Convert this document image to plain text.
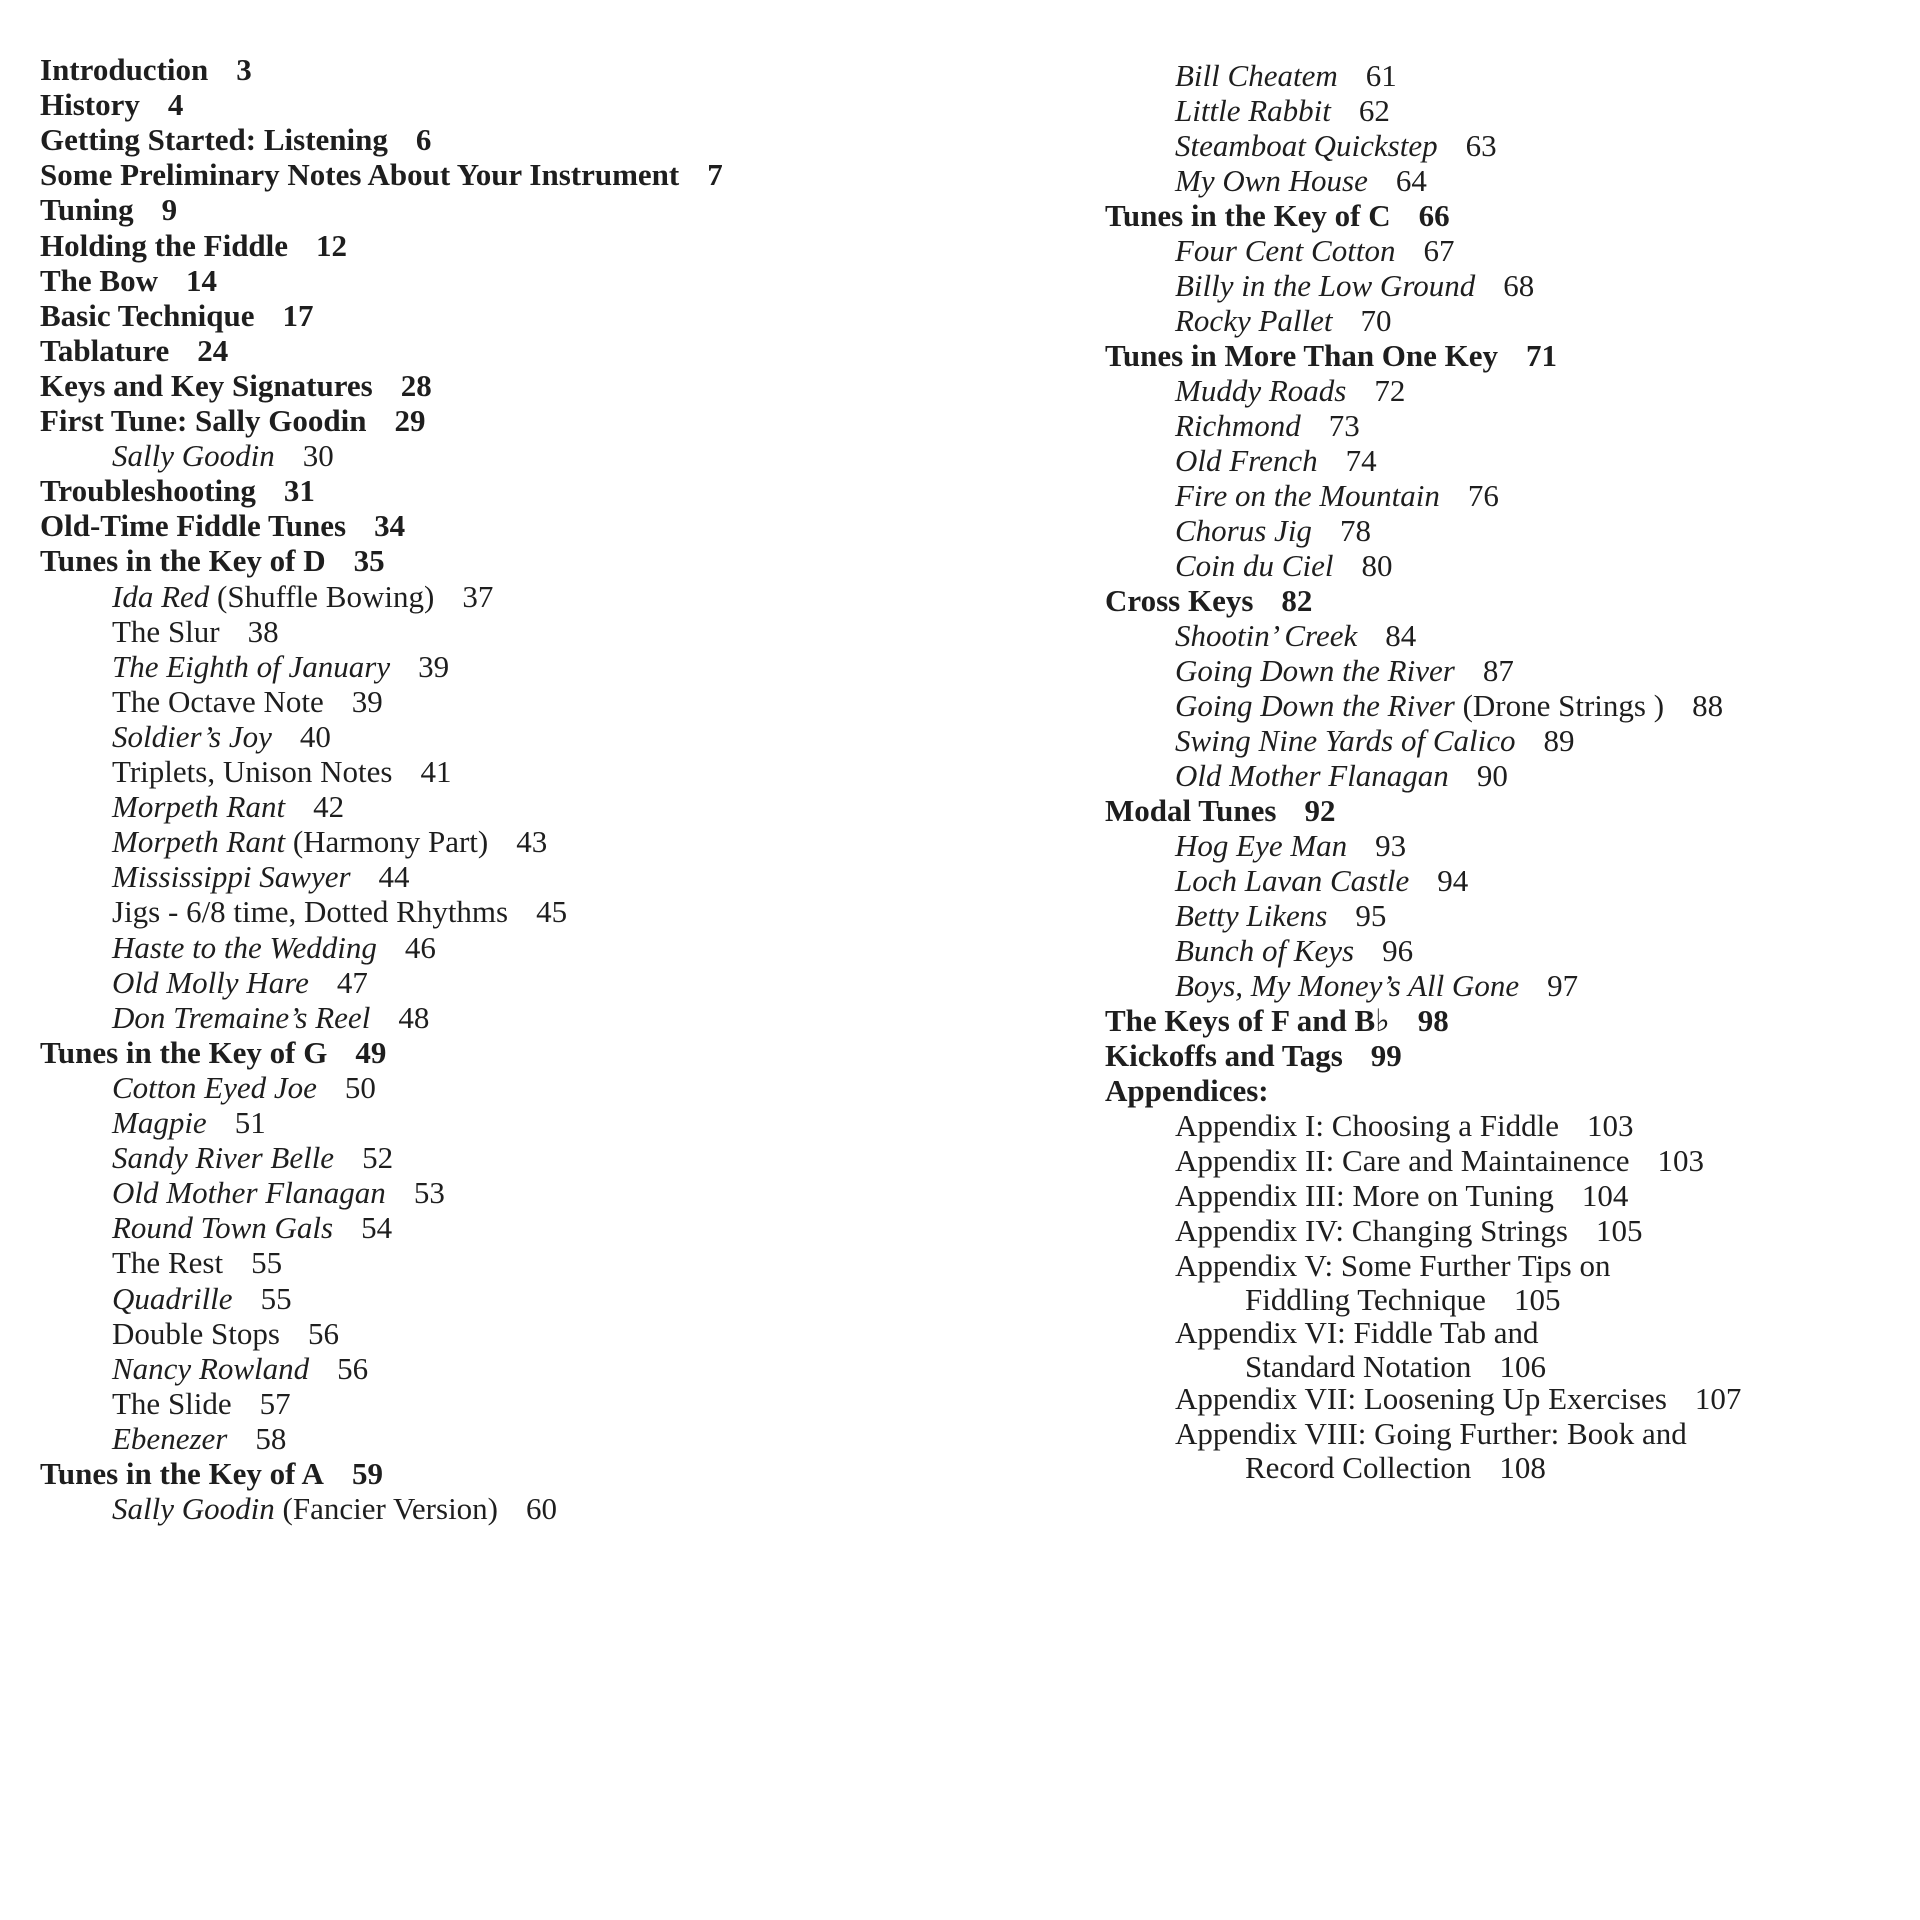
Introduction 3
History 4
Getting Started: Listening 6
Some Preliminary Notes About Your Instrument 7
Tuning 9
Holding the Fiddle 12
The Bow 14
Basic Technique 17
Tablature 24
Keys and Key Signatures 28
First Tune: Sally Goodin 29
Sally Goodin 30
Troubleshooting 31
Old-Time Fiddle Tunes 34
Tunes in the Key of D 35
Ida Red (Shuffle Bowing) 37
The Slur 38
The Eighth of January 39
The Octave Note 39
Soldier’s Joy 40
Triplets, Unison Notes 41
Morpeth Rant 42
Morpeth Rant (Harmony Part) 43
Mississippi Sawyer 44
Jigs - 6/8 time, Dotted Rhythms 45
Haste to the Wedding 46
Old Molly Hare 47
Don Tremaine’s Reel 48
Tunes in the Key of G 49
Cotton Eyed Joe 50
Magpie 51
Sandy River Belle 52
Old Mother Flanagan 53
Round Town Gals 54
The Rest 55
Quadrille 55
Double Stops 56
Nancy Rowland 56
The Slide 57
Ebenezer 58
Tunes in the Key of A 59
Sally Goodin (Fancier Version) 60
Bill Cheatem 61
Little Rabbit 62
Steamboat Quickstep 63
My Own House 64
Tunes in the Key of C 66
Four Cent Cotton 67
Billy in the Low Ground 68
Rocky Pallet 70
Tunes in More Than One Key 71
Muddy Roads 72
Richmond 73
Old French 74
Fire on the Mountain 76
Chorus Jig 78
Coin du Ciel 80
Cross Keys 82
Shootin’ Creek 84
Going Down the River 87
Going Down the River (Drone Strings ) 88
Swing Nine Yards of Calico 89
Old Mother Flanagan 90
Modal Tunes 92
Hog Eye Man 93
Loch Lavan Castle 94
Betty Likens 95
Bunch of Keys 96
Boys, My Money’s All Gone 97
The Keys of F and B♭ 98
Kickoffs and Tags 99
Appendices:
Appendix I: Choosing a Fiddle 103
Appendix II: Care and Maintainence 103
Appendix III: More on Tuning 104
Appendix IV: Changing Strings 105
Appendix V: Some Further Tips on
Fiddling Technique 105
Appendix VI: Fiddle Tab and
Standard Notation 106
Appendix VII: Loosening Up Exercises 107
Appendix VIII: Going Further: Book and
Record Collection 108
